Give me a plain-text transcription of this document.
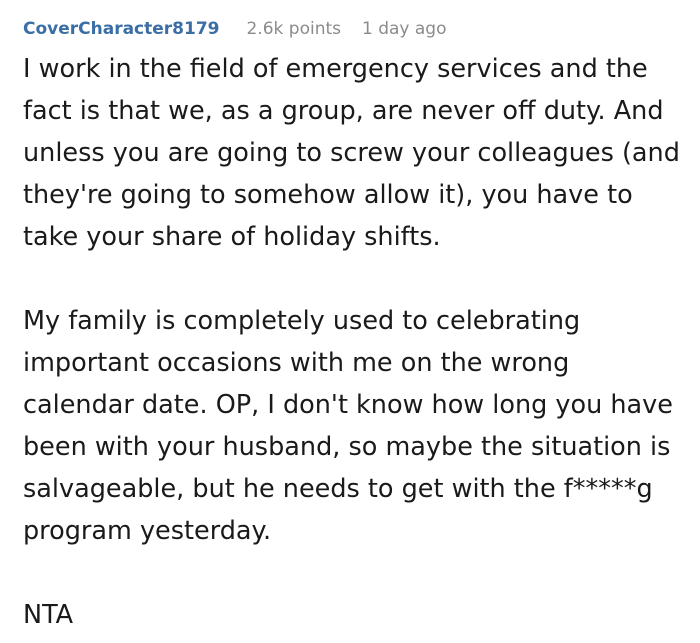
CoverCharacter8179 2.6k points 1 day ago

I work in the field of emergency services and the fact is that we, as a group, are never off duty. And unless you are going to screw your colleagues (and they're going to somehow allow it), you have to take your share of holiday shifts.

My family is completely used to celebrating important occasions with me on the wrong calendar date. OP, I don't know how long you have been with your husband, so maybe the situation is salvageable, but he needs to get with the f*****g program yesterday.

NTA
